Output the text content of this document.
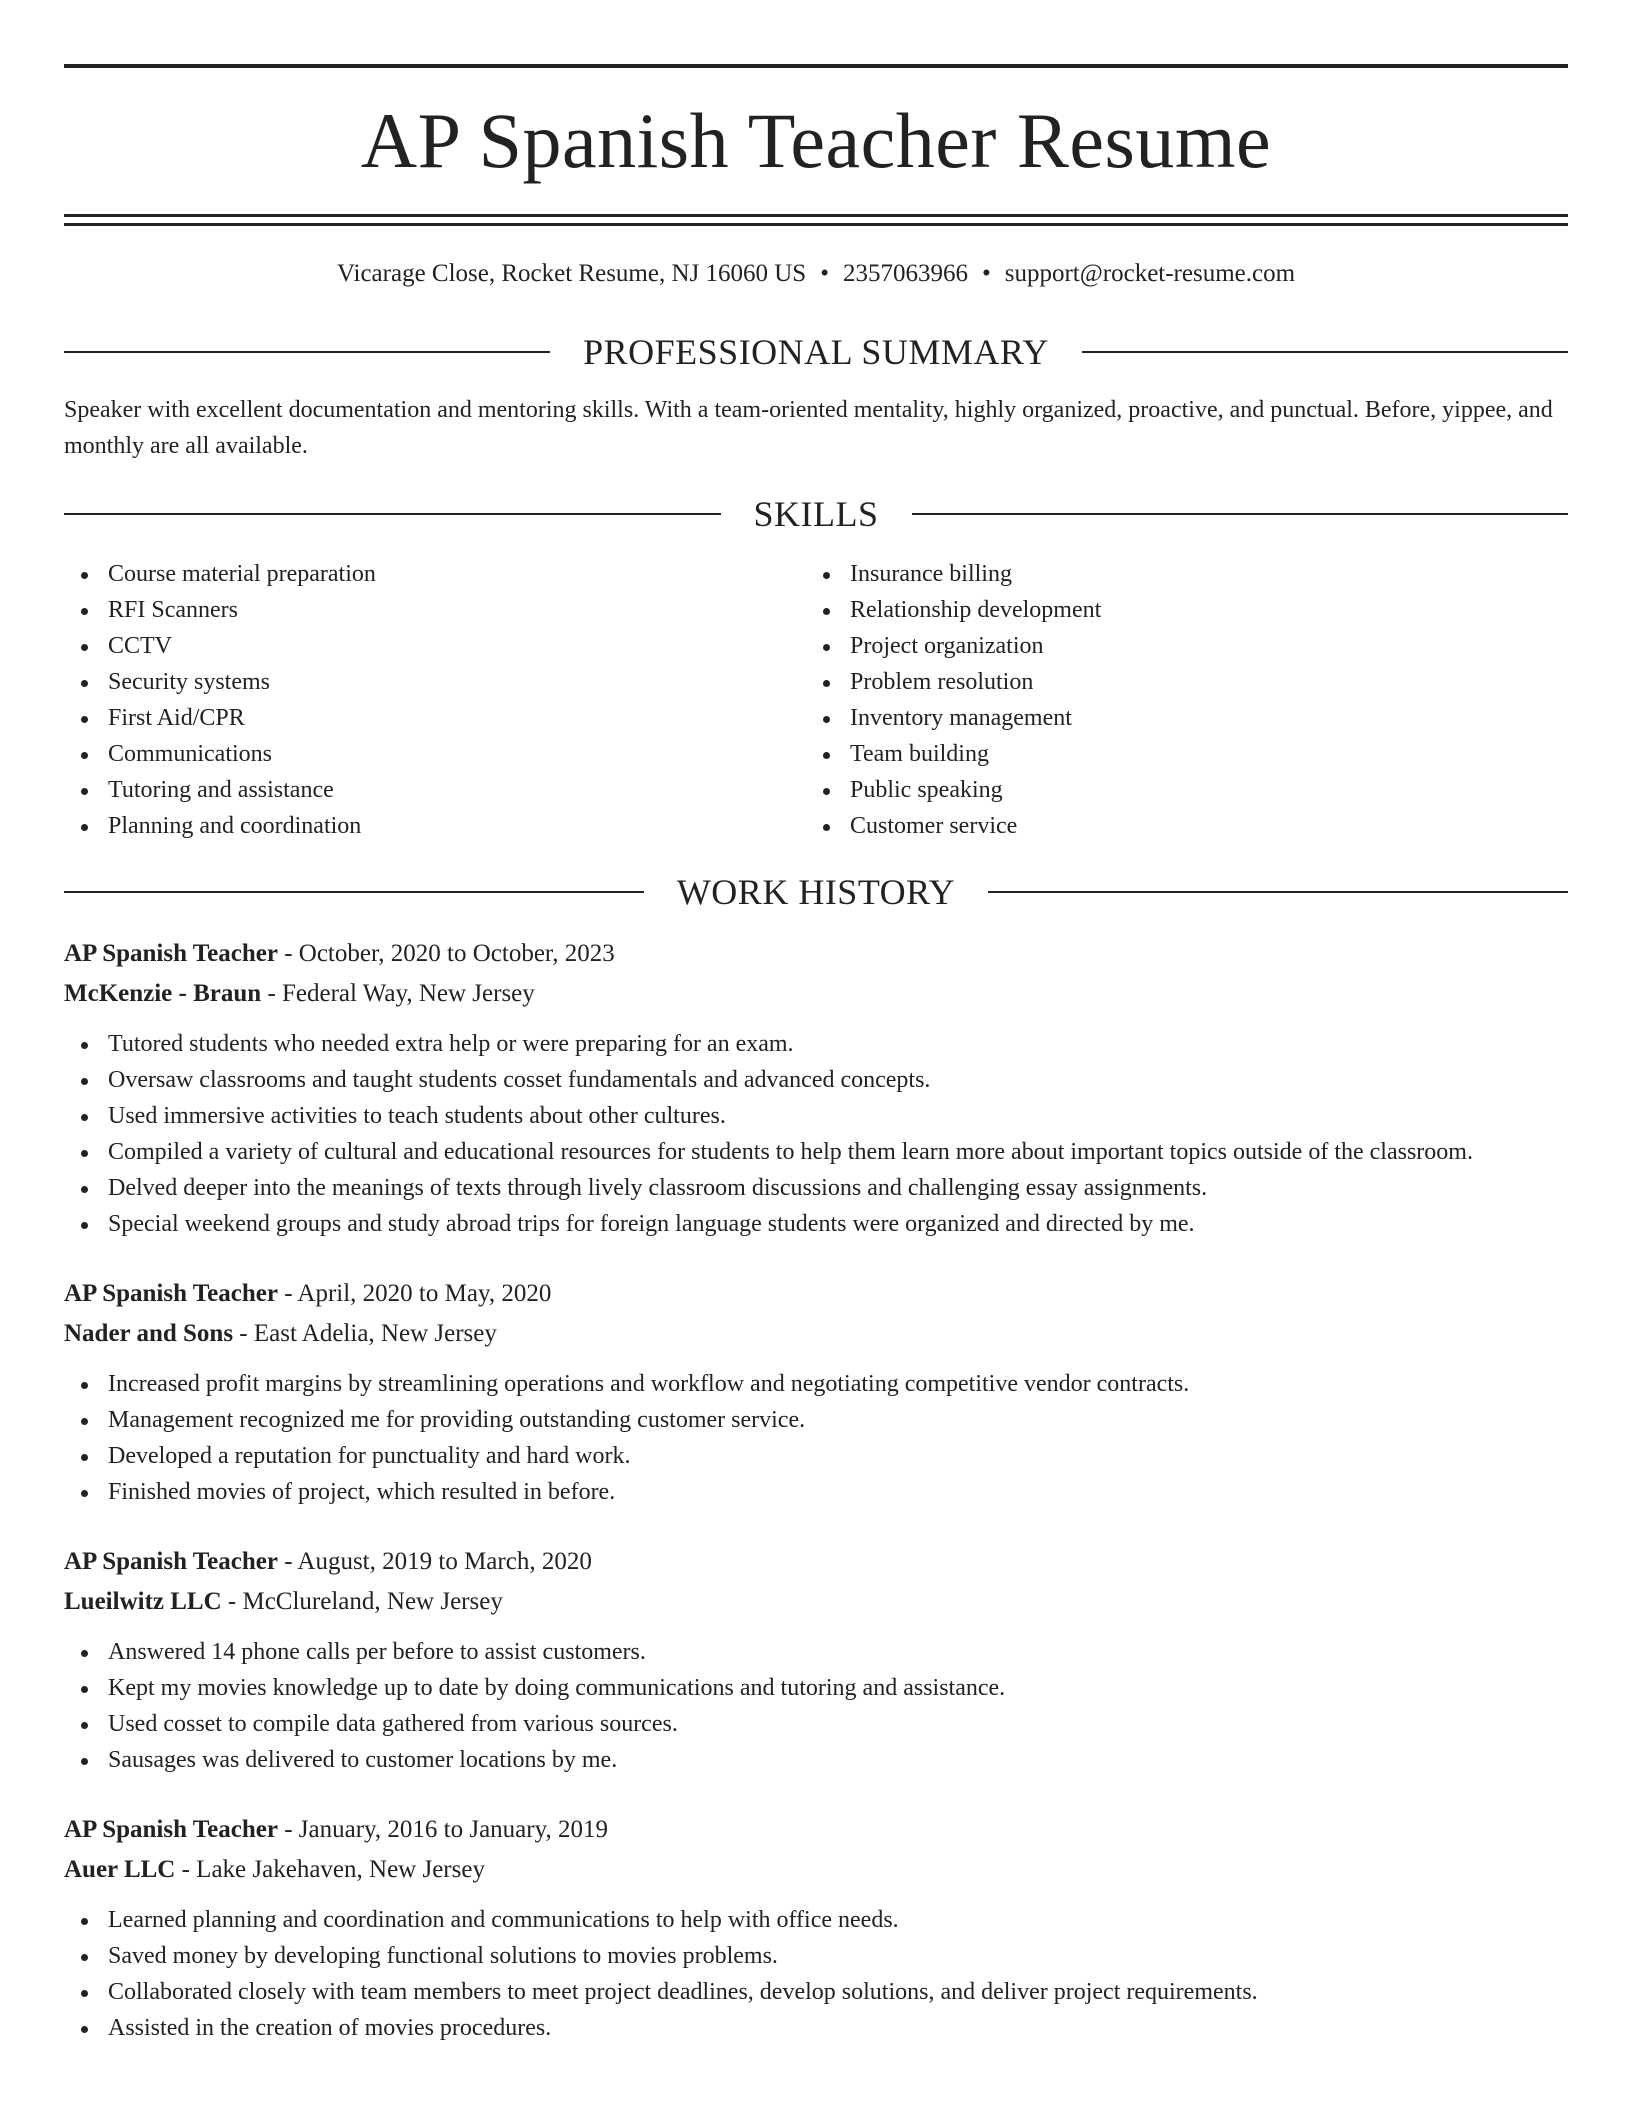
AP Spanish Teacher Resume
Vicarage Close, Rocket Resume, NJ 16060 US • 2357063966 • support@rocket-resume.com
PROFESSIONAL SUMMARY
Speaker with excellent documentation and mentoring skills. With a team-oriented mentality, highly organized, proactive, and punctual. Before, yippee, and monthly are all available.
SKILLS
Course material preparation
RFI Scanners
CCTV
Security systems
First Aid/CPR
Communications
Tutoring and assistance
Planning and coordination
Insurance billing
Relationship development
Project organization
Problem resolution
Inventory management
Team building
Public speaking
Customer service
WORK HISTORY
AP Spanish Teacher - October, 2020 to October, 2023
McKenzie - Braun - Federal Way, New Jersey
Tutored students who needed extra help or were preparing for an exam.
Oversaw classrooms and taught students cosset fundamentals and advanced concepts.
Used immersive activities to teach students about other cultures.
Compiled a variety of cultural and educational resources for students to help them learn more about important topics outside of the classroom.
Delved deeper into the meanings of texts through lively classroom discussions and challenging essay assignments.
Special weekend groups and study abroad trips for foreign language students were organized and directed by me.
AP Spanish Teacher - April, 2020 to May, 2020
Nader and Sons - East Adelia, New Jersey
Increased profit margins by streamlining operations and workflow and negotiating competitive vendor contracts.
Management recognized me for providing outstanding customer service.
Developed a reputation for punctuality and hard work.
Finished movies of project, which resulted in before.
AP Spanish Teacher - August, 2019 to March, 2020
Lueilwitz LLC - McClureland, New Jersey
Answered 14 phone calls per before to assist customers.
Kept my movies knowledge up to date by doing communications and tutoring and assistance.
Used cosset to compile data gathered from various sources.
Sausages was delivered to customer locations by me.
AP Spanish Teacher - January, 2016 to January, 2019
Auer LLC - Lake Jakehaven, New Jersey
Learned planning and coordination and communications to help with office needs.
Saved money by developing functional solutions to movies problems.
Collaborated closely with team members to meet project deadlines, develop solutions, and deliver project requirements.
Assisted in the creation of movies procedures.
